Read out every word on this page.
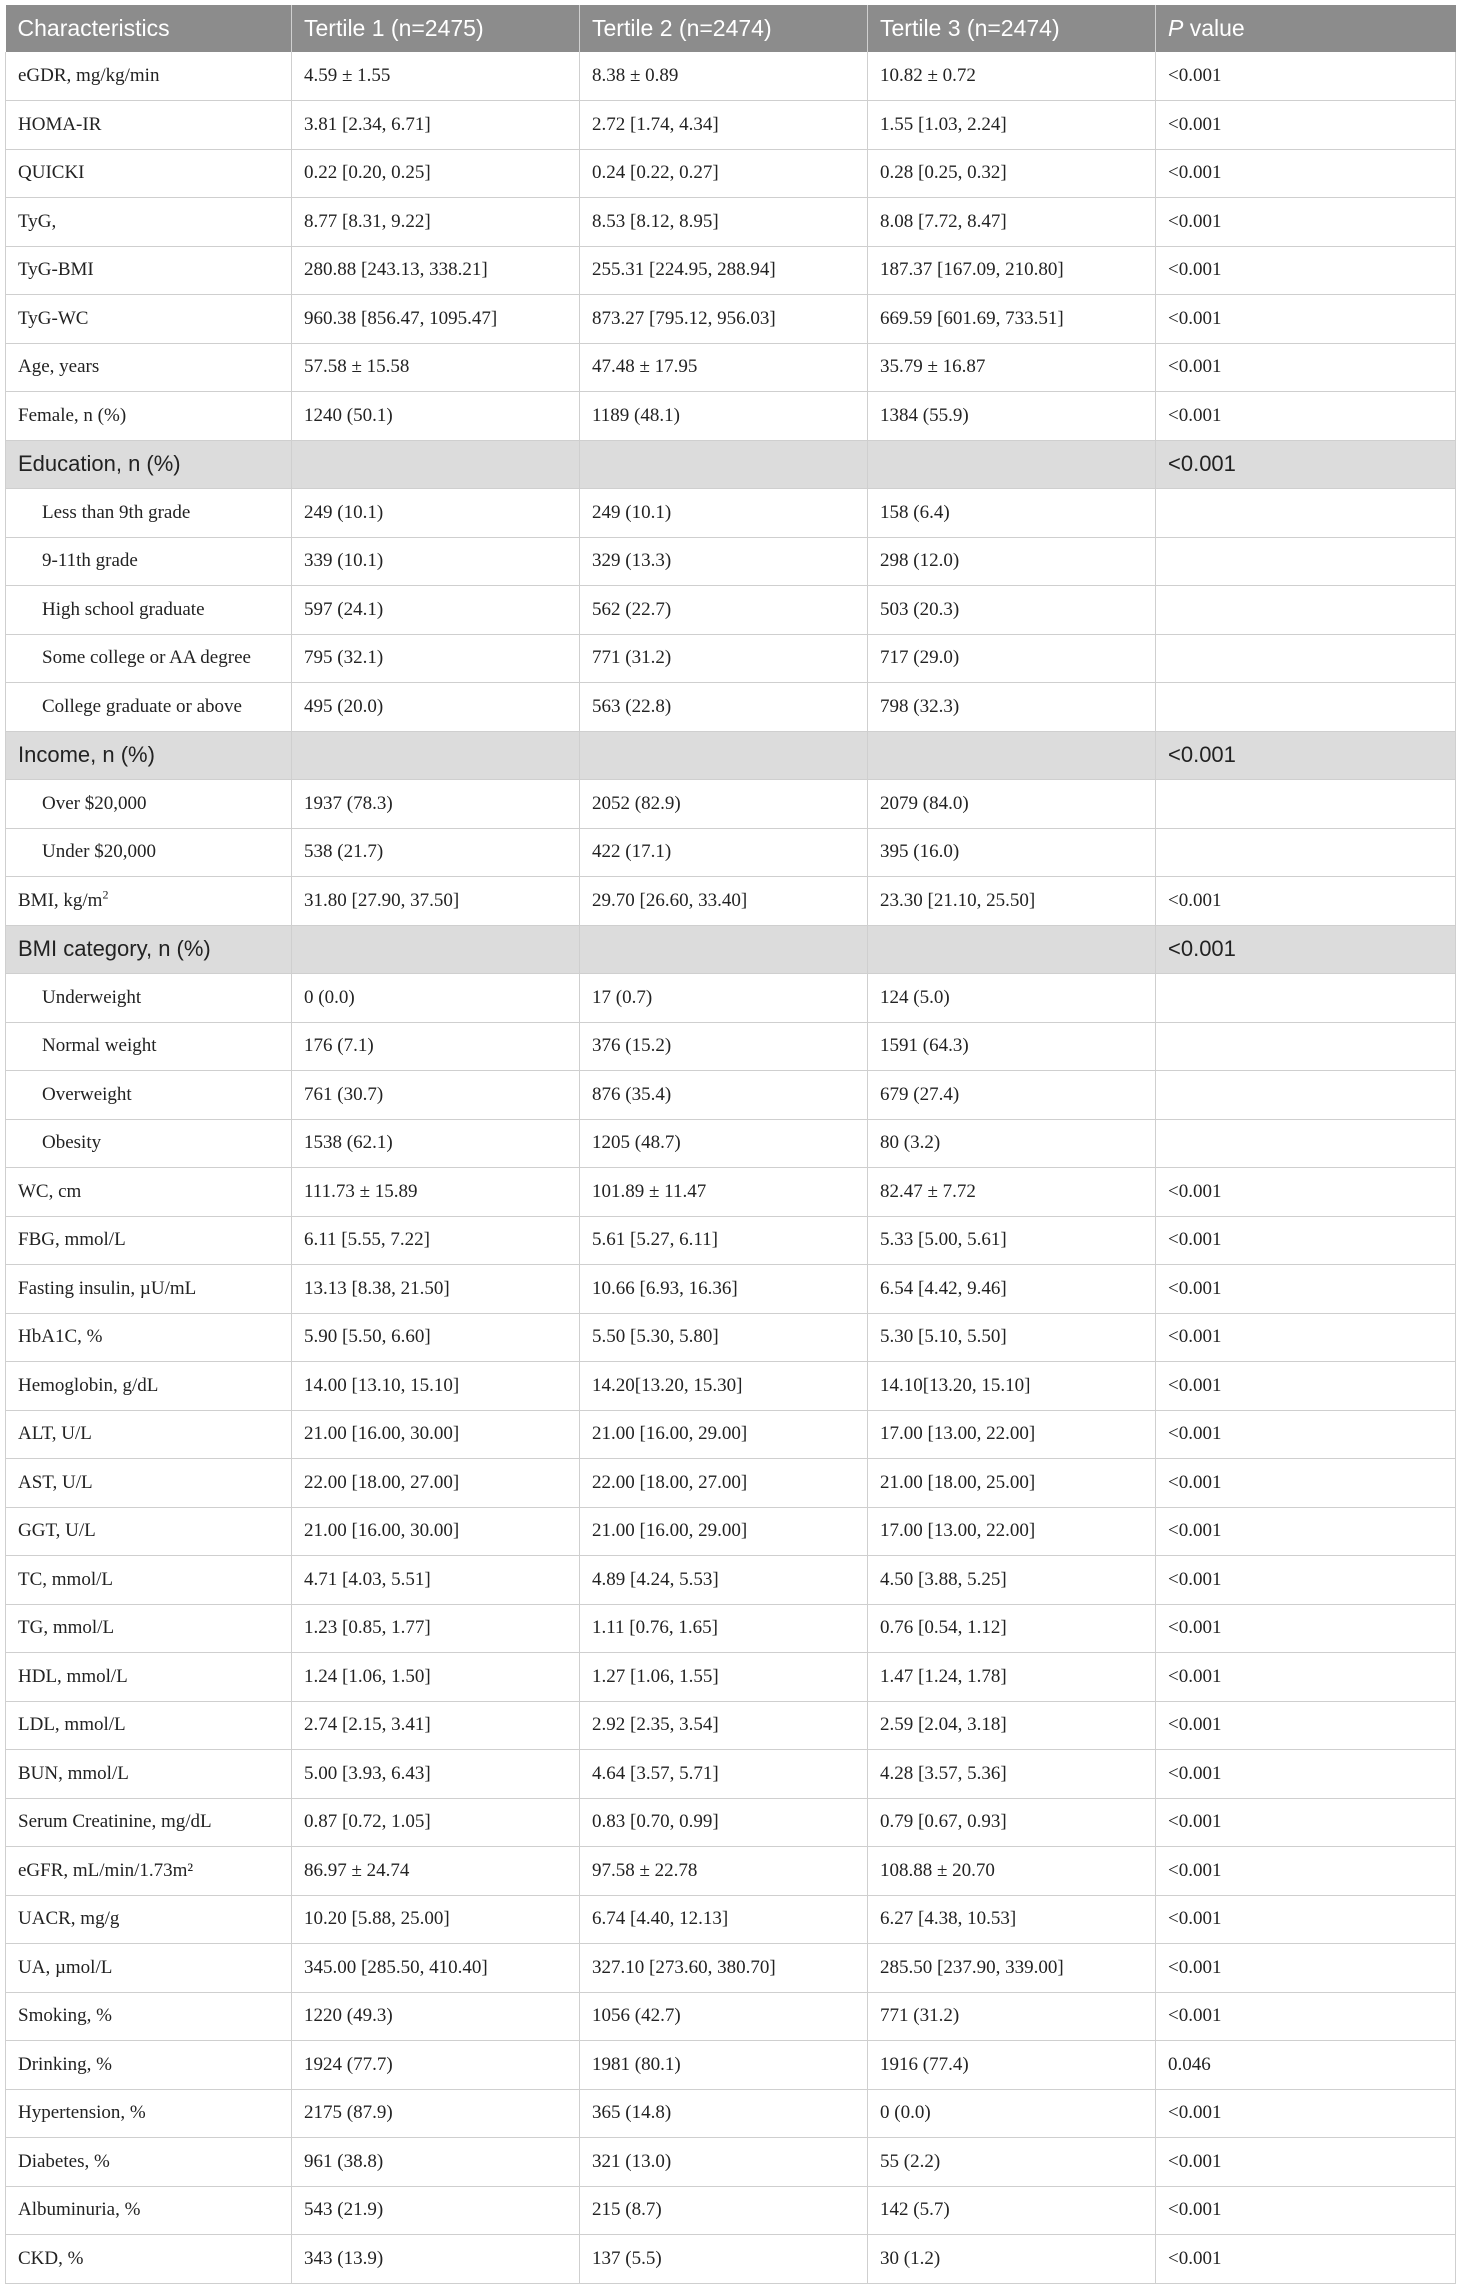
Characteristics	Tertile 1 (n=2475)	Tertile 2 (n=2474)	Tertile 3 (n=2474)	P value
eGDR, mg/kg/min	4.59 ± 1.55	8.38 ± 0.89	10.82 ± 0.72	<0.001
HOMA-IR	3.81 [2.34, 6.71]	2.72 [1.74, 4.34]	1.55 [1.03, 2.24]	<0.001
QUICKI	0.22 [0.20, 0.25]	0.24 [0.22, 0.27]	0.28 [0.25, 0.32]	<0.001
TyG,	8.77 [8.31, 9.22]	8.53 [8.12, 8.95]	8.08 [7.72, 8.47]	<0.001
TyG-BMI	280.88 [243.13, 338.21]	255.31 [224.95, 288.94]	187.37 [167.09, 210.80]	<0.001
TyG-WC	960.38 [856.47, 1095.47]	873.27 [795.12, 956.03]	669.59 [601.69, 733.51]	<0.001
Age, years	57.58 ± 15.58	47.48 ± 17.95	35.79 ± 16.87	<0.001
Female, n (%)	1240 (50.1)	1189 (48.1)	1384 (55.9)	<0.001
Education, n (%)				<0.001
Less than 9th grade	249 (10.1)	249 (10.1)	158 (6.4)	
9-11th grade	339 (10.1)	329 (13.3)	298 (12.0)	
High school graduate	597 (24.1)	562 (22.7)	503 (20.3)	
Some college or AA degree	795 (32.1)	771 (31.2)	717 (29.0)	
College graduate or above	495 (20.0)	563 (22.8)	798 (32.3)	
Income, n (%)				<0.001
Over $20,000	1937 (78.3)	2052 (82.9)	2079 (84.0)	
Under $20,000	538 (21.7)	422 (17.1)	395 (16.0)	
BMI, $kg/m^2$	31.80 [27.90, 37.50]	29.70 [26.60, 33.40]	23.30 [21.10, 25.50]	<0.001
BMI category, n (%)				<0.001
Underweight	0 (0.0)	17 (0.7)	124 (5.0)	
Normal weight	176 (7.1)	376 (15.2)	1591 (64.3)	
Overweight	761 (30.7)	876 (35.4)	679 (27.4)	
Obesity	1538 (62.1)	1205 (48.7)	80 (3.2)	
WC, cm	111.73 ± 15.89	101.89 ± 11.47	82.47 ± 7.72	<0.001
FBG, mmol/L	6.11 [5.55, 7.22]	5.61 [5.27, 6.11]	5.33 [5.00, 5.61]	<0.001
Fasting insulin, µU/mL	13.13 [8.38, 21.50]	10.66 [6.93, 16.36]	6.54 [4.42, 9.46]	<0.001
HbA1C, %	5.90 [5.50, 6.60]	5.50 [5.30, 5.80]	5.30 [5.10, 5.50]	<0.001
Hemoglobin, g/dL	14.00 [13.10, 15.10]	14.20[13.20, 15.30]	14.10[13.20, 15.10]	<0.001
ALT, U/L	21.00 [16.00, 30.00]	21.00 [16.00, 29.00]	17.00 [13.00, 22.00]	<0.001
AST, U/L	22.00 [18.00, 27.00]	22.00 [18.00, 27.00]	21.00 [18.00, 25.00]	<0.001
GGT, U/L	21.00 [16.00, 30.00]	21.00 [16.00, 29.00]	17.00 [13.00, 22.00]	<0.001
TC, mmol/L	4.71 [4.03, 5.51]	4.89 [4.24, 5.53]	4.50 [3.88, 5.25]	<0.001
TG, mmol/L	1.23 [0.85, 1.77]	1.11 [0.76, 1.65]	0.76 [0.54, 1.12]	<0.001
HDL, mmol/L	1.24 [1.06, 1.50]	1.27 [1.06, 1.55]	1.47 [1.24, 1.78]	<0.001
LDL, mmol/L	2.74 [2.15, 3.41]	2.92 [2.35, 3.54]	2.59 [2.04, 3.18]	<0.001
BUN, mmol/L	5.00 [3.93, 6.43]	4.64 [3.57, 5.71]	4.28 [3.57, 5.36]	<0.001
Serum Creatinine, mg/dL	0.87 [0.72, 1.05]	0.83 [0.70, 0.99]	0.79 [0.67, 0.93]	<0.001
eGFR, mL/min/1.73m²	86.97 ± 24.74	97.58 ± 22.78	108.88 ± 20.70	<0.001
UACR, mg/g	10.20 [5.88, 25.00]	6.74 [4.40, 12.13]	6.27 [4.38, 10.53]	<0.001
UA, µmol/L	345.00 [285.50, 410.40]	327.10 [273.60, 380.70]	285.50 [237.90, 339.00]	<0.001
Smoking, %	1220 (49.3)	1056 (42.7)	771 (31.2)	<0.001
Drinking, %	1924 (77.7)	1981 (80.1)	1916 (77.4)	0.046
Hypertension, %	2175 (87.9)	365 (14.8)	0 (0.0)	<0.001
Diabetes, %	961 (38.8)	321 (13.0)	55 (2.2)	<0.001
Albuminuria, %	543 (21.9)	215 (8.7)	142 (5.7)	<0.001
CKD, %	343 (13.9)	137 (5.5)	30 (1.2)	<0.001
